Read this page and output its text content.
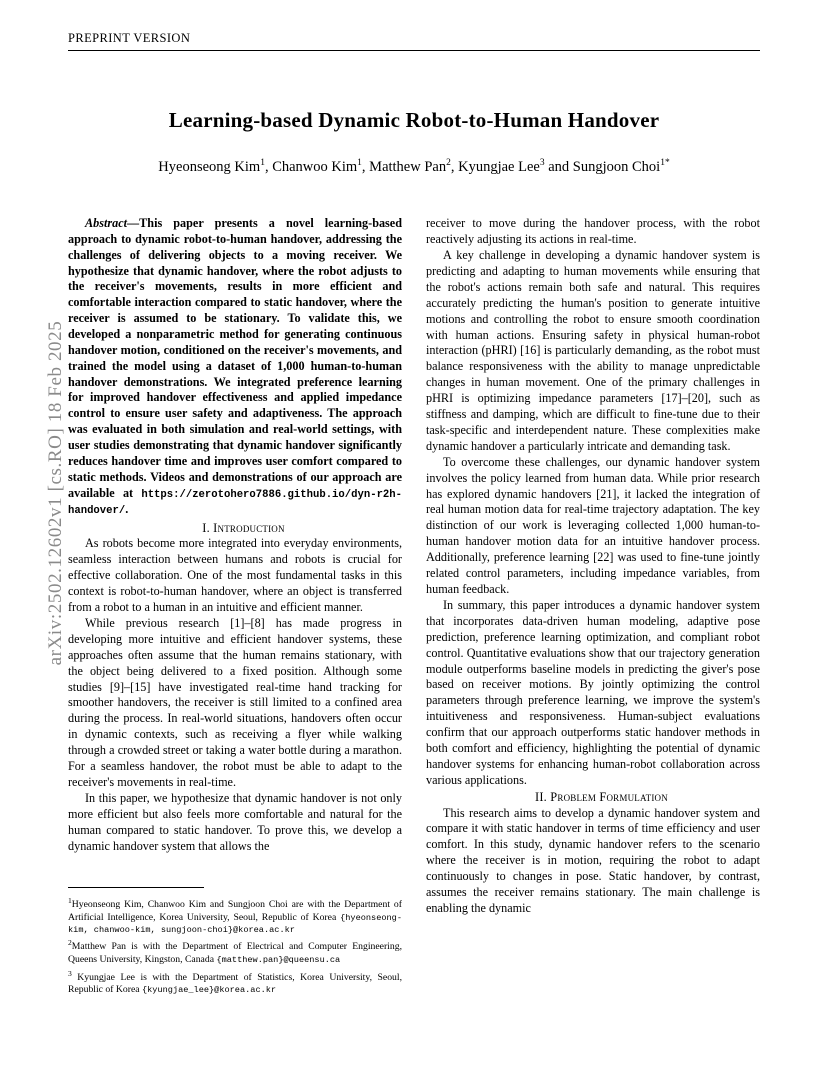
arXiv:2502.12602v1 [cs.RO] 18 Feb 2025
PREPRINT VERSION
Learning-based Dynamic Robot-to-Human Handover
Hyeonseong Kim$^1$, Chanwoo Kim$^1$, Matthew Pan$^2$, Kyungjae Lee$^3$ and Sungjoon Choi$^{1*}$

Abstract—This paper presents a novel learning-based approach to dynamic robot-to-human handover, addressing the challenges of delivering objects to a moving receiver. We hypothesize that dynamic handover, where the robot adjusts to the receiver's movements, results in more efficient and comfortable interaction compared to static handover, where the receiver is assumed to be stationary. To validate this, we developed a nonparametric method for generating continuous handover motion, conditioned on the receiver's movements, and trained the model using a dataset of 1,000 human-to-human handover demonstrations. We integrated preference learning for improved handover effectiveness and applied impedance control to ensure user safety and adaptiveness. The approach was evaluated in both simulation and real-world settings, with user studies demonstrating that dynamic handover significantly reduces handover time and improves user comfort compared to static methods. Videos and demonstrations of our approach are available at https://zerotohero7886.github.io/dyn-r2h-handover/.

I. Introduction

As robots become more integrated into everyday environments, seamless interaction between humans and robots is crucial for effective collaboration. One of the most fundamental tasks in this context is robot-to-human handover, where an object is transferred from a robot to a human in an intuitive and efficient manner.

While previous research [1]–[8] has made progress in developing more intuitive and efficient handover systems, these approaches often assume that the human remains stationary, with the object being delivered to a fixed position. Although some studies [9]–[15] have investigated real-time hand tracking for smoother handovers, the receiver is still limited to a confined area during the process. In real-world situations, handovers often occur in dynamic contexts, such as receiving a flyer while walking through a crowded street or taking a water bottle during a marathon. For a seamless handover, the robot must be able to adapt to the receiver's movements in real-time.

In this paper, we hypothesize that dynamic handover is not only more efficient but also feels more comfortable and natural for the human compared to static handover. To prove this, we develop a dynamic handover system that allows the

receiver to move during the handover process, with the robot reactively adjusting its actions in real-time.

A key challenge in developing a dynamic handover system is predicting and adapting to human movements while ensuring that the robot's actions remain both safe and natural. This requires accurately predicting the human's position to generate intuitive motions and controlling the robot to ensure smooth coordination with human actions. Ensuring safety in physical human-robot interaction (pHRI) [16] is particularly demanding, as the robot must balance responsiveness with the ability to manage unpredictable changes in human movement. One of the primary challenges in pHRI is optimizing impedance parameters [17]–[20], such as stiffness and damping, which are difficult to fine-tune due to their task-specific and interdependent nature. These complexities make dynamic handover a particularly intricate and demanding task.

To overcome these challenges, our dynamic handover system involves the policy learned from human data. While prior research has explored dynamic handovers [21], it lacked the integration of real human motion data for real-time trajectory adaptation. The key distinction of our work is leveraging collected 1,000 human-to-human handover motion data for an intuitive handover process. Additionally, preference learning [22] was used to fine-tune jointly related control parameters, including impedance variables, from human feedback.

In summary, this paper introduces a dynamic handover system that incorporates data-driven human modeling, adaptive pose prediction, preference learning optimization, and compliant robot control. Quantitative evaluations show that our trajectory generation module outperforms baseline models in predicting the giver's pose based on receiver motions. By jointly optimizing the control parameters through preference learning, we improve the system's intuitiveness and responsiveness. Human-subject evaluations confirm that our approach outperforms static handover methods in both comfort and efficiency, highlighting the potential of dynamic handover systems for enhancing human-robot collaboration across various applications.

II. Problem Formulation

This research aims to develop a dynamic handover system and compare it with static handover in terms of time efficiency and user comfort. In this study, dynamic handover refers to the scenario where the receiver is in motion, requiring the robot to adapt continuously to changes in pose. Static handover, by contrast, assumes the receiver remains stationary. The main challenge is enabling the dynamic

$^1$Hyeonseong Kim, Chanwoo Kim and Sungjoon Choi are with the Department of Artificial Intelligence, Korea University, Seoul, Republic of Korea {hyeonseong-kim, chanwoo-kim, sungjoon-choi}@korea.ac.kr

$^2$Matthew Pan is with the Department of Electrical and Computer Engineering, Queens University, Kingston, Canada {matthew.pan}@queensu.ca

$^3$ Kyungjae Lee is with the Department of Statistics, Korea University, Seoul, Republic of Korea {kyungjae_lee}@korea.ac.kr
